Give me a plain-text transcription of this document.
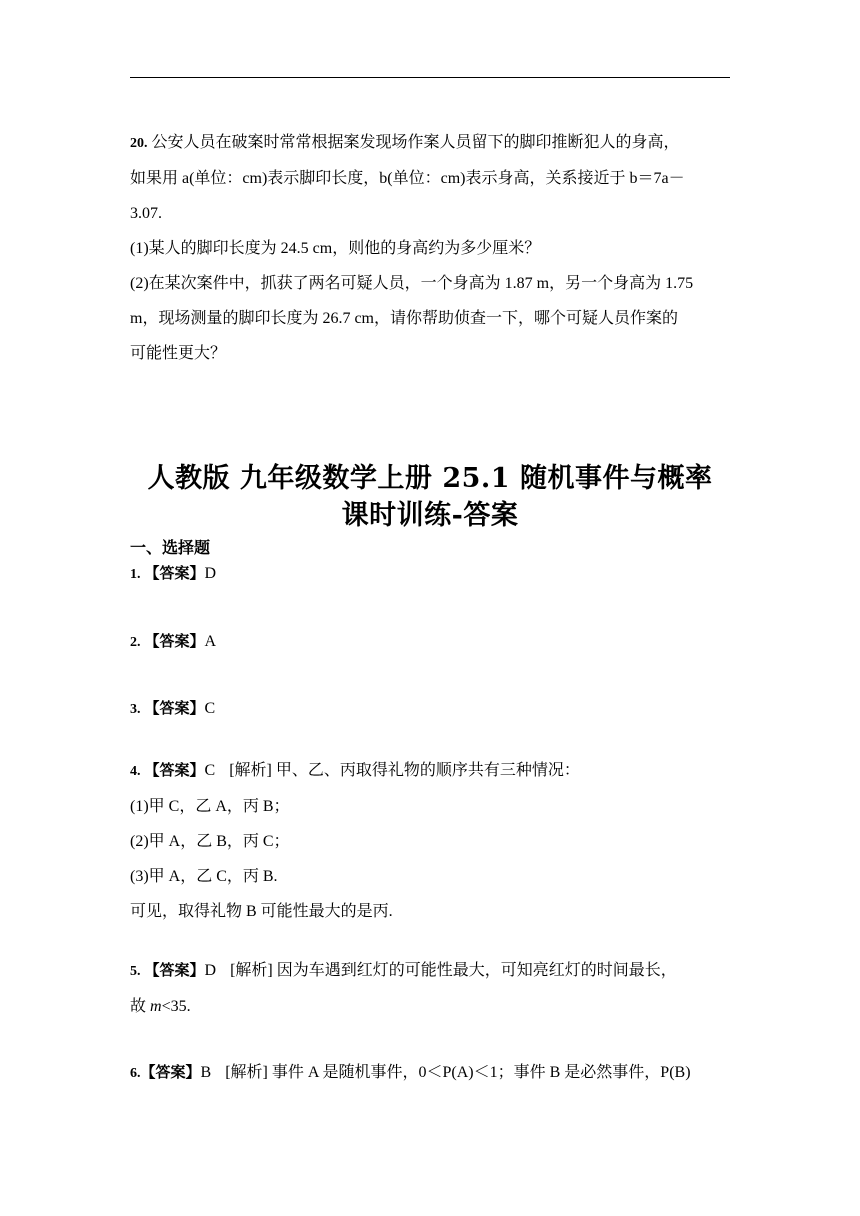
20. 公安人员在破案时常常根据案发现场作案人员留下的脚印推断犯人的身高，
如果用 a(单位：cm)表示脚印长度，b(单位：cm)表示身高，关系接近于 b＝7a－
3.07.
(1)某人的脚印长度为 24.5 cm，则他的身高约为多少厘米？
(2)在某次案件中，抓获了两名可疑人员，一个身高为 1.87 m，另一个身高为 1.75
m，现场测量的脚印长度为 26.7 cm，请你帮助侦查一下，哪个可疑人员作案的
可能性更大？
人教版 九年级数学上册 25.1 随机事件与概率
课时训练-答案
一、选择题
1. 【答案】D
2. 【答案】A
3. 【答案】C
4. 【答案】C [解析] 甲、乙、丙取得礼物的顺序共有三种情况：
(1)甲 C，乙 A，丙 B；
(2)甲 A，乙 B，丙 C；
(3)甲 A，乙 C，丙 B.
可见，取得礼物 B 可能性最大的是丙.
5. 【答案】D [解析] 因为车遇到红灯的可能性最大，可知亮红灯的时间最长，
故 m<35.
6.【答案】B [解析] 事件 A 是随机事件，0＜P(A)＜1；事件 B 是必然事件，P(B)
